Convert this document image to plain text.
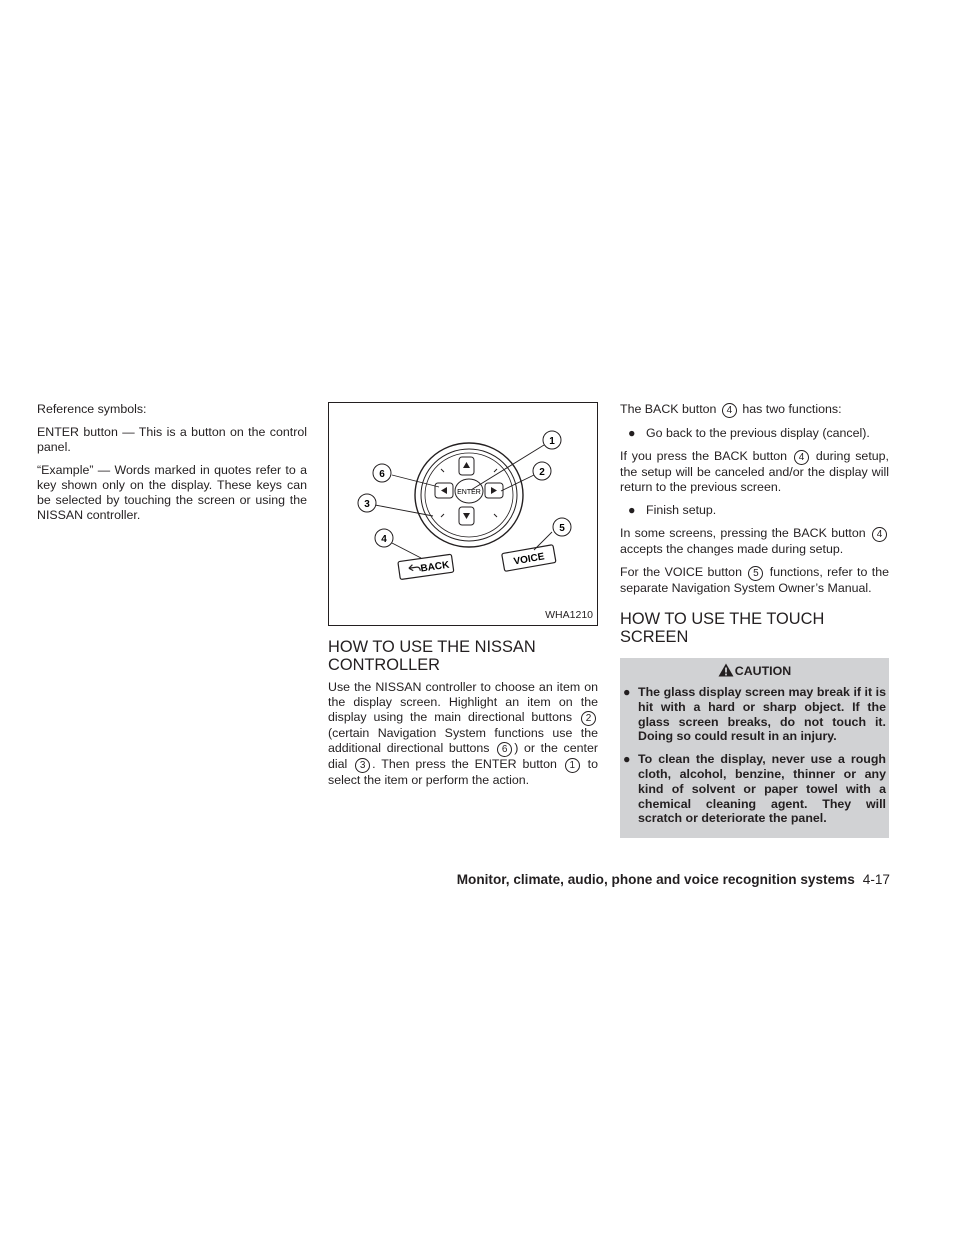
Reference symbols:

ENTER button — This is a button on the control panel.

“Example” — Words marked in quotes refer to a key shown only on the display. These keys can be selected by touching the screen or using the NISSAN controller.

ENTER
BACK	VOICE
1
2
3
4
5
6
WHA1210
HOW TO USE THE NISSAN CONTROLLER

Use the NISSAN controller to choose an item on the display screen. Highlight an item on the display using the main directional buttons 2 (certain Navigation System functions use the additional directional buttons 6 ) or the center dial 3 . Then press the ENTER button 1 to select the item or perform the action.

The BACK button 4 has two functions:

● Go back to the previous display (cancel).

If you press the BACK button 4 during setup, the setup will be canceled and/or the display will return to the previous screen.

● Finish setup.

In some screens, pressing the BACK button 4 accepts the changes made during setup.

For the VOICE button 5 functions, refer to the separate Navigation System Owner’s Manual.

HOW TO USE THE TOUCH SCREEN
CAUTION
● The glass display screen may break if it is hit with a hard or sharp object. If the glass screen breaks, do not touch it. Doing so could result in an injury.
● To clean the display, never use a rough cloth, alcohol, benzine, thinner or any kind of solvent or paper towel with a chemical cleaning agent. They will scratch or deteriorate the panel.
Monitor, climate, audio, phone and voice recognition systems 4-17
